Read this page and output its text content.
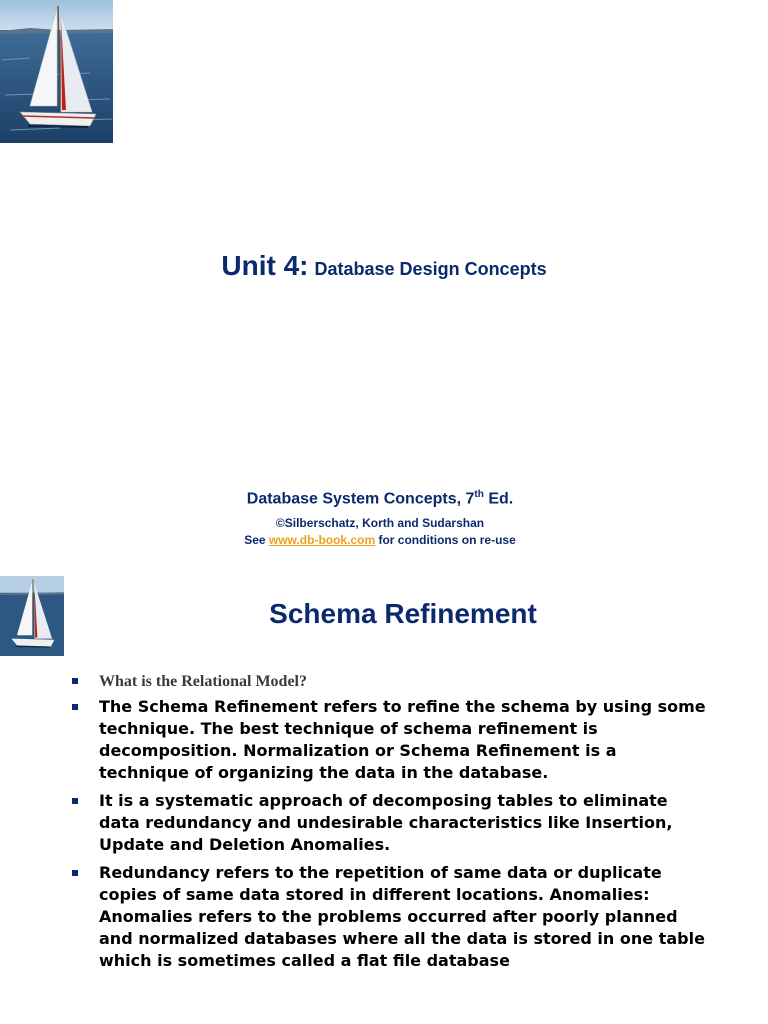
Unit 4: Database Design Concepts
Database System Concepts, 7th Ed.
©Silberschatz, Korth and Sudarshan
See www.db-book.com for conditions on re-use
Schema Refinement
What is the Relational Model?
The Schema Refinement refers to refine the schema by using some technique. The best technique of schema refinement is decomposition. Normalization or Schema Refinement is a technique of organizing the data in the database.
It is a systematic approach of decomposing tables to eliminate data redundancy and undesirable characteristics like Insertion, Update and Deletion Anomalies.
Redundancy refers to the repetition of same data or duplicate copies of same data stored in different locations. Anomalies: Anomalies refers to the problems occurred after poorly planned and normalized databases where all the data is stored in one table which is sometimes called a flat file database
